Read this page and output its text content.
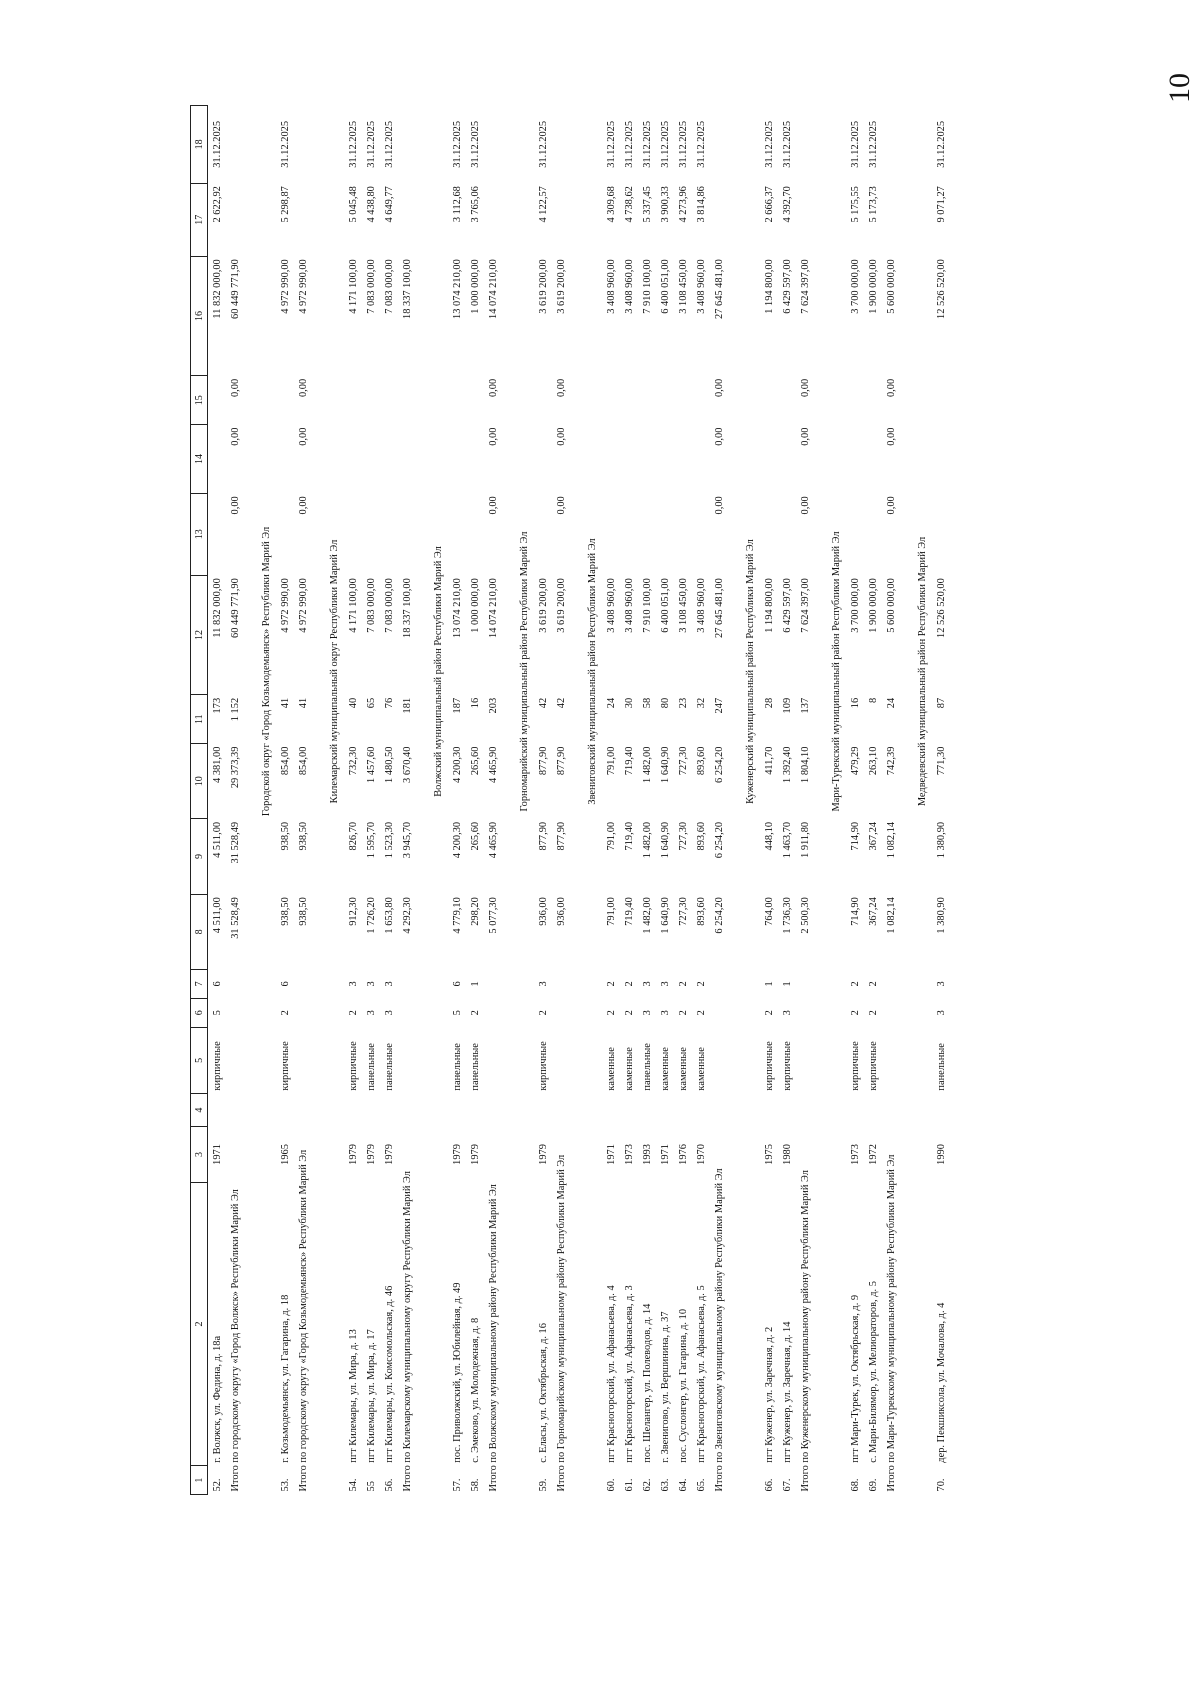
10
1	2	3	4	5	6	7	8	9	10	11	12	13	14	15	16	17	18
52.	г. Волжск, ул. Федина, д. 18а	1971		кирпичные	5	6	4 511,00	4 511,00	4 381,00	173	11 832 000,00				11 832 000,00	2 622,92	31.12.2025
Итого по городскому округу «Город Волжск» Республики Марий Эл							31 528,49	31 528,49	29 373,39	1 152	60 449 771,90	0,00	0,00	0,00	60 449 771,90		

Городской округ «Город Козьмодемьянск» Республики Марий Эл																	
53.	г. Козьмодемьянск, ул. Гагарина, д. 18	1965		кирпичные	2	6	938,50	938,50	854,00	41	4 972 990,00				4 972 990,00	5 298,87	31.12.2025
Итого по городскому округу «Город Козьмодемьянск» Республики Марий Эл							938,50	938,50	854,00	41	4 972 990,00	0,00	0,00	0,00	4 972 990,00		

Килемарский муниципальный округ Республики Марий Эл																	
54.	пгт Килемары, ул. Мира, д. 13	1979		кирпичные	2	3	912,30	826,70	732,30	40	4 171 100,00				4 171 100,00	5 045,48	31.12.2025
55	пгт Килемары, ул. Мира, д. 17	1979		панельные	3	3	1 726,20	1 595,70	1 457,60	65	7 083 000,00				7 083 000,00	4 438,80	31.12.2025
56.	пгт Килемары, ул. Комсомольская, д. 46	1979		панельные	3	3	1 653,80	1 523,30	1 480,50	76	7 083 000,00				7 083 000,00	4 649,77	31.12.2025
Итого по Килемарскому муниципальному округу Республики Марий Эл							4 292,30	3 945,70	3 670,40	181	18 337 100,00				18 337 100,00		

Волжский муниципальный район Республики Марий Эл																	
57.	пос. Приволжский, ул. Юбилейная, д. 49	1979		панельные	5	6	4 779,10	4 200,30	4 200,30	187	13 074 210,00				13 074 210,00	3 112,68	31.12.2025
58.	с. Эмеково, ул. Молодежная, д. 8	1979		панельные	2	1	298,20	265,60	265,60	16	1 000 000,00				1 000 000,00	3 765,06	31.12.2025
Итого по Волжскому муниципальному району Республики Марий Эл							5 077,30	4 465,90	4 465,90	203	14 074 210,00	0,00	0,00	0,00	14 074 210,00		

Горномарийский муниципальный район Республики Марий Эл																	
59.	с. Еласы, ул. Октябрьская, д. 16	1979		кирпичные	2	3	936,00	877,90	877,90	42	3 619 200,00				3 619 200,00	4 122,57	31.12.2025
Итого по Горномарийскому муниципальному району Республики Марий Эл							936,00	877,90	877,90	42	3 619 200,00	0,00	0,00	0,00	3 619 200,00		

Звениговский муниципальный район Республики Марий Эл																	
60.	пгт Красногорский, ул. Афанасьева, д. 4	1971		каменные	2	2	791,00	791,00	791,00	24	3 408 960,00				3 408 960,00	4 309,68	31.12.2025
61.	пгт Красногорский, ул. Афанасьева, д. 3	1973		каменные	2	2	719,40	719,40	719,40	30	3 408 960,00				3 408 960,00	4 738,62	31.12.2025
62.	пос. Шелангер, ул. Полеводов, д. 14	1993		панельные	3	3	1 482,00	1 482,00	1 482,00	58	7 910 100,00				7 910 100,00	5 337,45	31.12.2025
63.	г. Звенигово, ул. Вершинина, д. 37	1971		каменные	3	3	1 640,90	1 640,90	1 640,90	80	6 400 051,00				6 400 051,00	3 900,33	31.12.2025
64.	пос. Суслонгер, ул. Гагарина, д. 10	1976		каменные	2	2	727,30	727,30	727,30	23	3 108 450,00				3 108 450,00	4 273,96	31.12.2025
65.	пгт Красногорский, ул. Афанасьева, д. 5	1970		каменные	2	2	893,60	893,60	893,60	32	3 408 960,00				3 408 960,00	3 814,86	31.12.2025
Итого по Звениговскому муниципальному району Республики Марий Эл							6 254,20	6 254,20	6 254,20	247	27 645 481,00	0,00	0,00	0,00	27 645 481,00		

Куженерский муниципальный район Республики Марий Эл																	
66.	пгт Куженер, ул. Заречная, д. 2	1975		кирпичные	2	1	764,00	448,10	411,70	28	1 194 800,00				1 194 800,00	2 666,37	31.12.2025
67.	пгт Куженер, ул. Заречная, д. 14	1980		кирпичные	3	1	1 736,30	1 463,70	1 392,40	109	6 429 597,00				6 429 597,00	4 392,70	31.12.2025
Итого по Куженерскому муниципальному району Республики Марий Эл							2 500,30	1 911,80	1 804,10	137	7 624 397,00	0,00	0,00	0,00	7 624 397,00		

Мари-Турекский муниципальный район Республики Марий Эл																	
68.	пгт Мари-Турек, ул. Октябрьская, д. 9	1973		кирпичные	2	2	714,90	714,90	479,29	16	3 700 000,00				3 700 000,00	5 175,55	31.12.2025
69.	с. Мари-Билямор, ул. Мелиораторов, д. 5	1972		кирпичные	2	2	367,24	367,24	263,10	8	1 900 000,00				1 900 000,00	5 173,73	31.12.2025
Итого по Мари-Турекскому муниципальному району Республики Марий Эл							1 082,14	1 082,14	742,39	24	5 600 000,00	0,00	0,00	0,00	5 600 000,00		

Медведевский муниципальный район Республики Марий Эл																	
70.	дер. Пекшиксола, ул. Мочалова, д. 4	1990		панельные	3	3	1 380,90	1 380,90	771,30	87	12 526 520,00				12 526 520,00	9 071,27	31.12.2025
